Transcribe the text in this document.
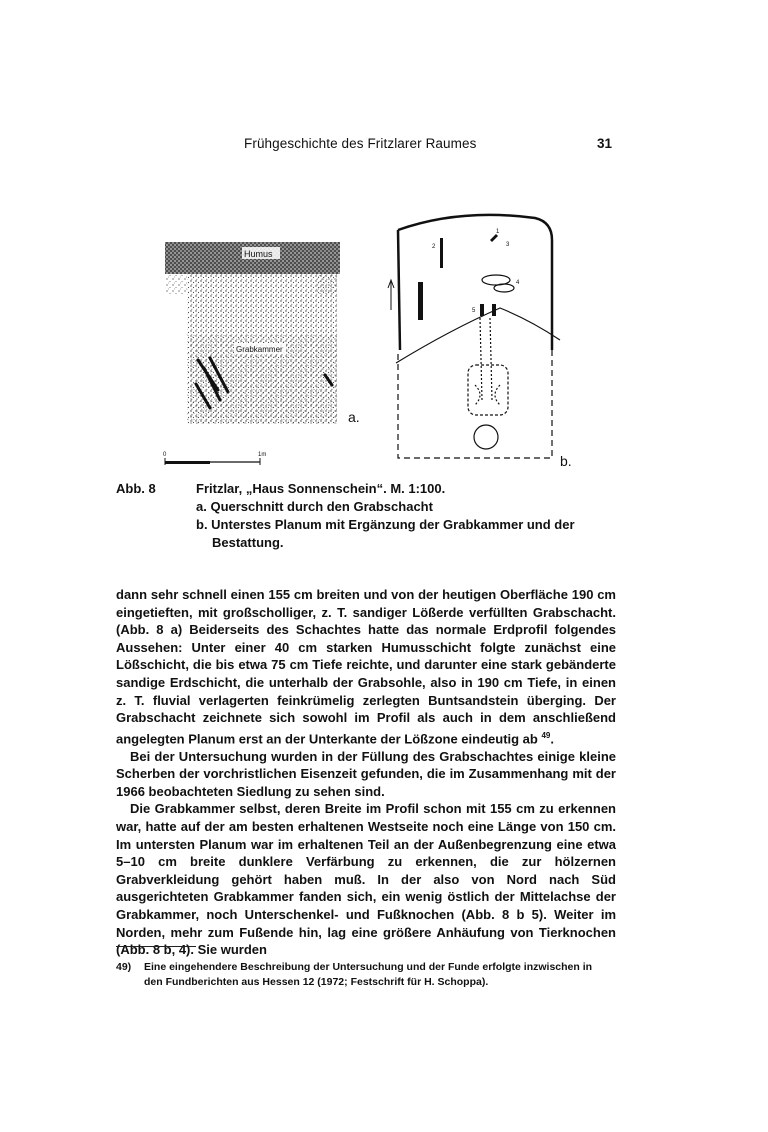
Frühgeschichte des Fritzlarer Raumes	31
Humus
Grabkammer
a.
0	1m	b.
1
2	3
4
5
Abb. 8	Fritzlar, „Haus Sonnenschein“. M. 1:100.
a. Querschnitt durch den Grabschacht
b. Unterstes Planum mit Ergänzung der Grabkammer und der
Bestattung.

dann sehr schnell einen 155 cm breiten und von der heutigen Oberfläche 190 cm eingetieften, mit großscholliger, z. T. sandiger Lößerde verfüllten Grabschacht. (Abb. 8 a) Beiderseits des Schachtes hatte das normale Erdprofil folgendes Aussehen: Unter einer 40 cm starken Humusschicht folgte zunächst eine Lößschicht, die bis etwa 75 cm Tiefe reichte, und darunter eine stark gebänderte sandige Erdschicht, die unterhalb der Grabsohle, also in 190 cm Tiefe, in einen z. T. fluvial verlagerten feinkrümelig zerlegten Buntsandstein überging. Der Grabschacht zeichnete sich sowohl im Profil als auch in dem anschließend angelegten Planum erst an der Unterkante der Lößzone eindeutig ab $^{49}$.

Bei der Untersuchung wurden in der Füllung des Grabschachtes einige kleine Scherben der vorchristlichen Eisenzeit gefunden, die im Zusammenhang mit der 1966 beobachteten Siedlung zu sehen sind.

Die Grabkammer selbst, deren Breite im Profil schon mit 155 cm zu erkennen war, hatte auf der am besten erhaltenen Westseite noch eine Länge von 150 cm. Im untersten Planum war im erhaltenen Teil an der Außenbegrenzung eine etwa 5–10 cm breite dunklere Verfärbung zu erkennen, die zur hölzernen Grabverkleidung gehört haben muß. In der also von Nord nach Süd ausgerichteten Grabkammer fanden sich, ein wenig östlich der Mittelachse der Grabkammer, noch Unterschenkel- und Fußknochen (Abb. 8 b 5). Weiter im Norden, mehr zum Fußende hin, lag eine größere Anhäufung von Tierknochen (Abb. 8 b, 4). Sie wurden

49)	Eine eingehendere Beschreibung der Untersuchung und der Funde erfolgte inzwischen in
den Fundberichten aus Hessen 12 (1972; Festschrift für H. Schoppa).
